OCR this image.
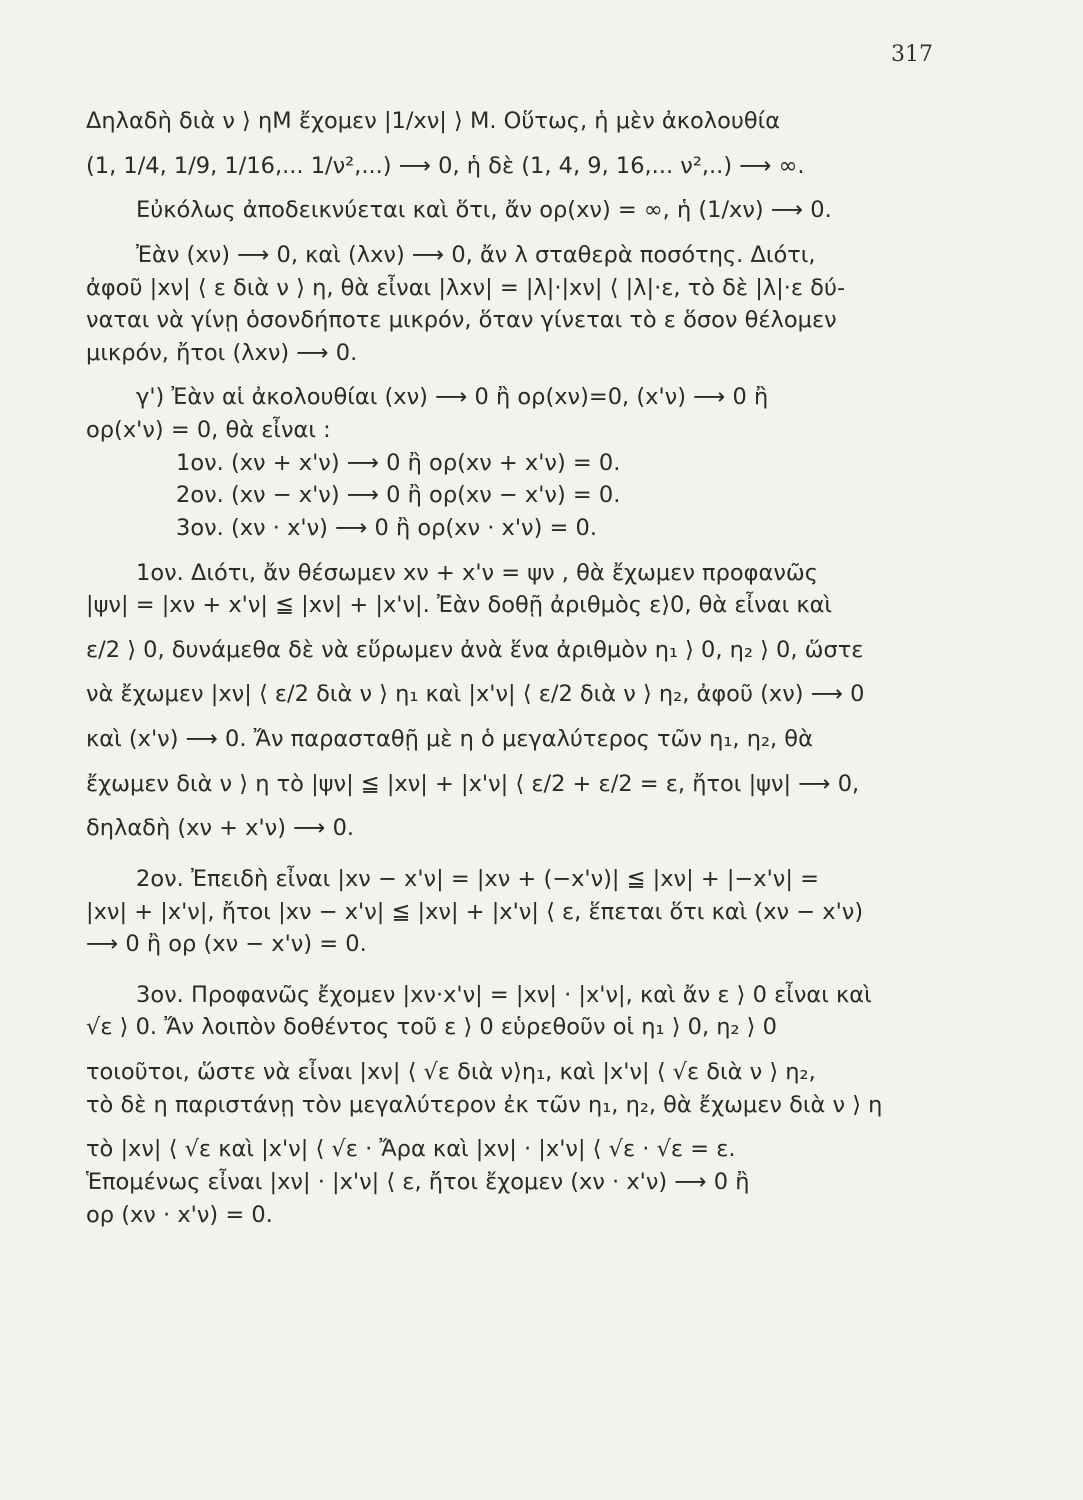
317

Δηλαδὴ διὰ ν ⟩ ηΜ ἔχομεν |1/xν| ⟩ Μ. Οὕτως, ἡ μὲν ἀκολουθία

(1, 1/4, 1/9, 1/16,... 1/ν²,...) ⟶ 0, ἡ δὲ (1, 4, 9, 16,... ν²,..) ⟶ ∞.

Εὐκόλως ἀποδεικνύεται καὶ ὅτι, ἄν ορ(xν) = ∞, ἡ (1/xν) ⟶ 0.

Ἐὰν (xν) ⟶ 0, καὶ (λxν) ⟶ 0, ἄν λ σταθερὰ ποσότης. Διότι,

ἀφοῦ |xν| ⟨ ε διὰ ν ⟩ η, θὰ εἶναι |λxν| = |λ|·|xν| ⟨ |λ|·ε, τὸ δὲ |λ|·ε δύ-

ναται νὰ γίνῃ ὁσονδήποτε μικρόν, ὅταν γίνεται τὸ ε ὅσον θέλομεν

μικρόν, ἤτοι (λxν) ⟶ 0.

γ') Ἐὰν αἱ ἀκολουθίαι (xν) ⟶ 0 ἢ ορ(xν)=0, (x'ν) ⟶ 0 ἢ

ορ(x'ν) = 0, θὰ εἶναι :

1ον. (xν + x'ν) ⟶ 0 ἢ ορ(xν + x'ν) = 0.

2ον. (xν − x'ν) ⟶ 0 ἢ ορ(xν − x'ν) = 0.

3ον. (xν · x'ν) ⟶ 0 ἢ ορ(xν · x'ν) = 0.

1ον. Διότι, ἄν θέσωμεν xν + x'ν = ψν , θὰ ἔχωμεν προφανῶς

|ψν| = |xν + x'ν| ≦ |xν| + |x'ν|. Ἐὰν δοθῇ ἀριθμὸς ε⟩0, θὰ εἶναι καὶ

ε/2 ⟩ 0, δυνάμεθα δὲ νὰ εὕρωμεν ἀνὰ ἕνα ἀριθμὸν η₁ ⟩ 0, η₂ ⟩ 0, ὥστε

νὰ ἔχωμεν |xν| ⟨ ε/2 διὰ ν ⟩ η₁ καὶ |x'ν| ⟨ ε/2 διὰ ν ⟩ η₂, ἀφοῦ (xν) ⟶ 0

καὶ (x'ν) ⟶ 0. Ἄν παρασταθῇ μὲ η ὁ μεγαλύτερος τῶν η₁, η₂, θὰ

ἔχωμεν διὰ ν ⟩ η τὸ |ψν| ≦ |xν| + |x'ν| ⟨ ε/2 + ε/2 = ε, ἤτοι |ψν| ⟶ 0,

δηλαδὴ (xν + x'ν) ⟶ 0.

2ον. Ἐπειδὴ εἶναι |xν − x'ν| = |xν + (−x'ν)| ≦ |xν| + |−x'ν| =

|xν| + |x'ν|, ἤτοι |xν − x'ν| ≦ |xν| + |x'ν| ⟨ ε, ἕπεται ὅτι καὶ (xν − x'ν)

⟶ 0 ἢ ορ (xν − x'ν) = 0.

3ον. Προφανῶς ἔχομεν |xν·x'ν| = |xν| · |x'ν|, καὶ ἄν ε ⟩ 0 εἶναι καὶ

√ε ⟩ 0. Ἄν λοιπὸν δοθέντος τοῦ ε ⟩ 0 εὑρεθοῦν οἱ η₁ ⟩ 0, η₂ ⟩ 0

τοιοῦτοι, ὥστε νὰ εἶναι |xν| ⟨ √ε διὰ ν⟩η₁, καὶ |x'ν| ⟨ √ε διὰ ν ⟩ η₂,

τὸ δὲ η παριστάνῃ τὸν μεγαλύτερον ἐκ τῶν η₁, η₂, θὰ ἔχωμεν διὰ ν ⟩ η

τὸ |xν| ⟨ √ε καὶ |x'ν| ⟨ √ε · Ἄρα καὶ |xν| · |x'ν| ⟨ √ε · √ε = ε.

Ἑπομένως εἶναι |xν| · |x'ν| ⟨ ε, ἤτοι ἔχομεν (xν · x'ν) ⟶ 0 ἢ

ορ (xν · x'ν) = 0.
